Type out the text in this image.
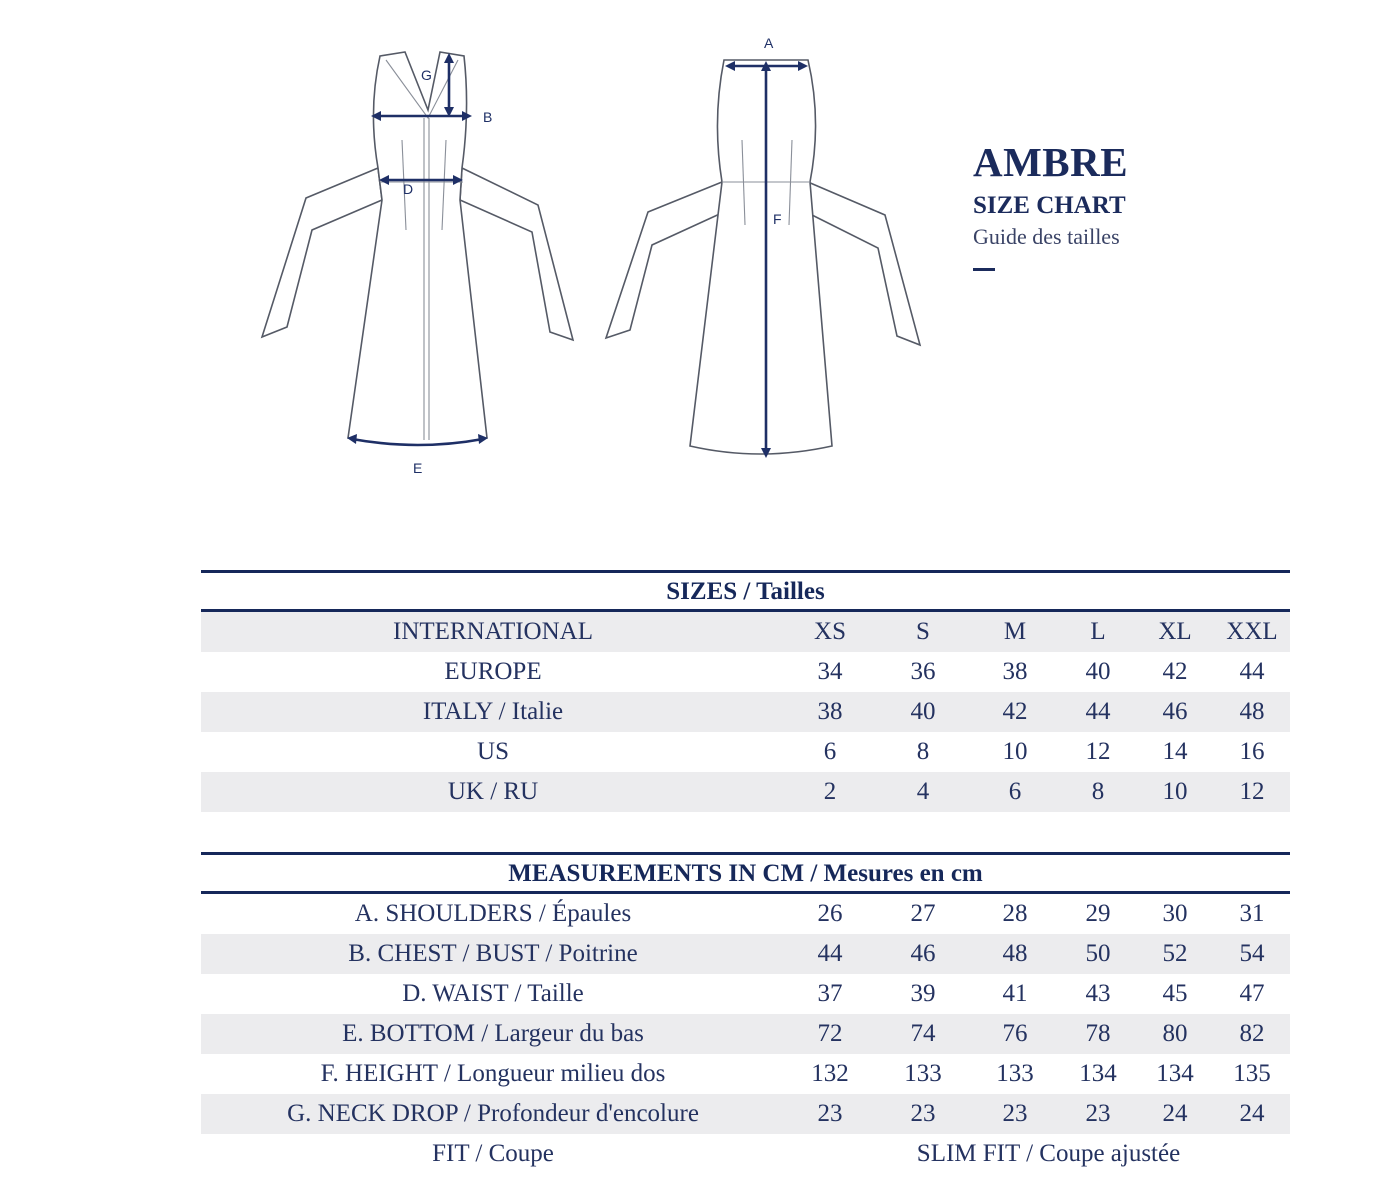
G
B
D
E
A
F
AMBRE
SIZE CHART
Guide des tailles
SIZES / Tailles
INTERNATIONAL	XS	S	M	L	XL	XXL
EUROPE	34	36	38	40	42	44
ITALY / Italie	38	40	42	44	46	48
US	6	8	10	12	14	16
UK / RU	2	4	6	8	10	12
MEASUREMENTS IN CM / Mesures en cm
A. SHOULDERS / Épaules	26	27	28	29	30	31
B. CHEST / BUST / Poitrine	44	46	48	50	52	54
D. WAIST / Taille	37	39	41	43	45	47
E. BOTTOM / Largeur du bas	72	74	76	78	80	82
F. HEIGHT / Longueur milieu dos	132	133	133	134	134	135
G. NECK DROP / Profondeur d'encolure	23	23	23	23	24	24
FIT / Coupe	SLIM FIT / Coupe ajustée
